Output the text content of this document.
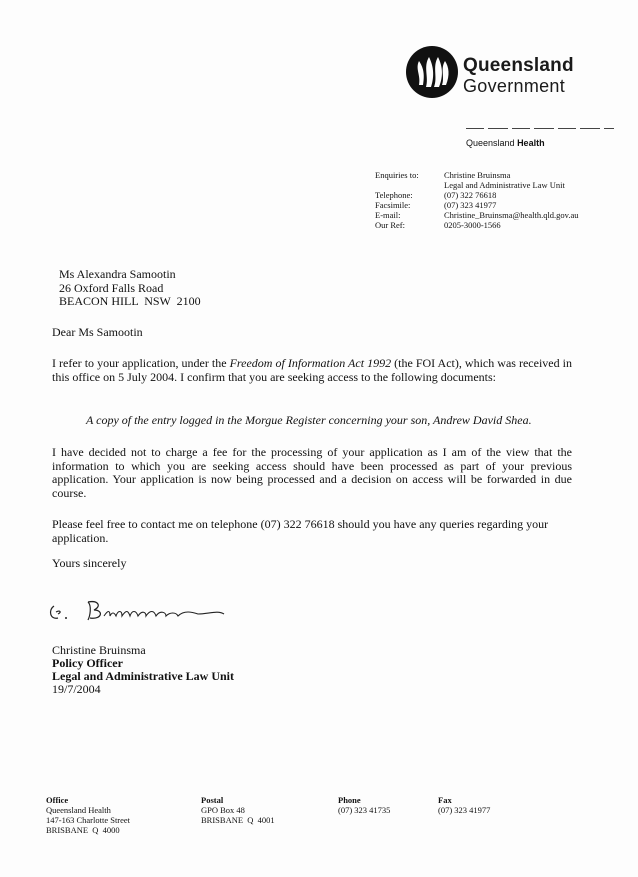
Queensland
Government
Queensland Health
Enquiries to:	Christine Bruinsma
Legal and Administrative Law Unit
Telephone:	(07) 322 76618
Facsimile:	(07) 323 41977
E-mail:	Christine_Bruinsma@health.qld.gov.au
Our Ref:	0205-3000-1566
Ms Alexandra Samootin
26 Oxford Falls Road
BEACON HILL  NSW  2100
Dear Ms Samootin
I refer to your application, under the Freedom of Information Act 1992 (the FOI Act), which was received in this office on 5 July 2004. I confirm that you are seeking access to the following documents:
A copy of the entry logged in the Morgue Register concerning your son, Andrew David Shea.
I have decided not to charge a fee for the processing of your application as I am of the view that the information to which you are seeking access should have been processed as part of your previous application. Your application is now being processed and a decision on access will be forwarded in due course.
Please feel free to contact me on telephone (07) 322 76618 should you have any queries regarding your application.
Yours sincerely
Christine Bruinsma
Policy Officer
Legal and Administrative Law Unit
19/7/2004
Office
Queensland Health
147-163 Charlotte Street
BRISBANE  Q  4000
Postal
GPO Box 48
BRISBANE  Q  4001
Phone
(07) 323 41735
Fax
(07) 323 41977
